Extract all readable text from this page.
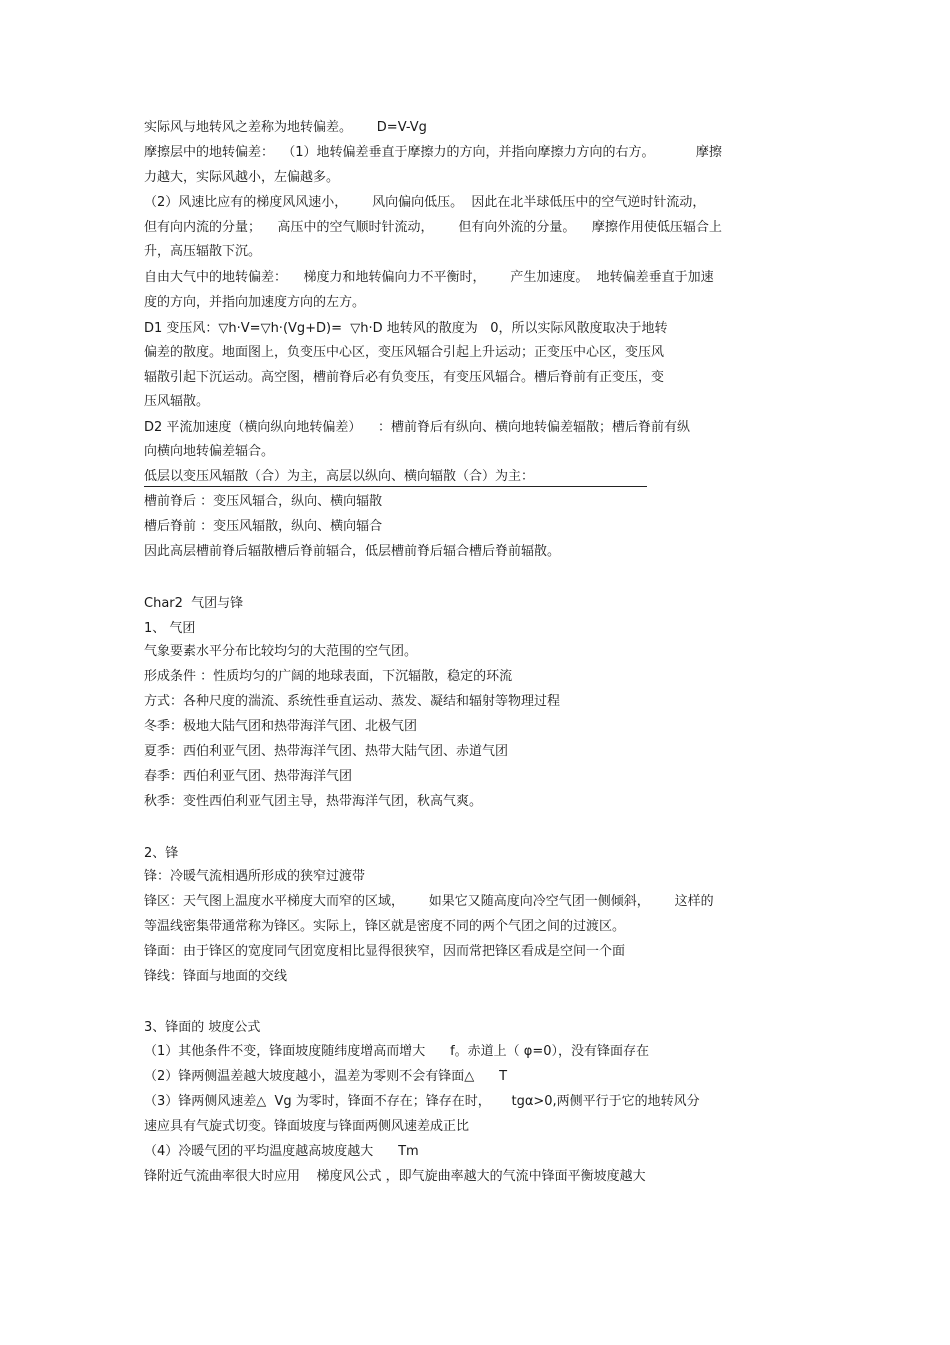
实际风与地转风之差称为地转偏差。      D=V-Vg
摩擦层中的地转偏差：  （1）地转偏差垂直于摩擦力的方向，并指向摩擦力方向的右方。          摩擦
力越大，实际风越小，左偏越多。
（2）风速比应有的梯度风风速小，      风向偏向低压。  因此在北半球低压中的空气逆时针流动，
但有向内流的分量；    高压中的空气顺时针流动，      但有向外流的分量。    摩擦作用使低压辐合上
升，高压辐散下沉。
自由大气中的地转偏差：    梯度力和地转偏向力不平衡时，      产生加速度。  地转偏差垂直于加速
度的方向，并指向加速度方向的左方。
D1 变压风：▽h·V=▽h·(Vg+D)=  ▽h·D 地转风的散度为   0，所以实际风散度取决于地转
偏差的散度。地面图上，负变压中心区，变压风辐合引起上升运动；正变压中心区，变压风
辐散引起下沉运动。高空图，槽前脊后必有负变压，有变压风辐合。槽后脊前有正变压，变
压风辐散。
D2 平流加速度（横向纵向地转偏差）    ：槽前脊后有纵向、横向地转偏差辐散；槽后脊前有纵
向横向地转偏差辐合。
低层以变压风辐散（合）为主，高层以纵向、横向辐散（合）为主：
槽前脊后 ：变压风辐合，纵向、横向辐散
槽后脊前 ：变压风辐散，纵向、横向辐合
因此高层槽前脊后辐散槽后脊前辐合，低层槽前脊后辐合槽后脊前辐散。
Char2  气团与锋
1、 气团
气象要素水平分布比较均匀的大范围的空气团。
形成条件 ：性质均匀的广阔的地球表面，下沉辐散，稳定的环流
方式：各种尺度的湍流、系统性垂直运动、蒸发、凝结和辐射等物理过程
冬季：极地大陆气团和热带海洋气团、北极气团
夏季：西伯利亚气团、热带海洋气团、热带大陆气团、赤道气团
春季：西伯利亚气团、热带海洋气团
秋季：变性西伯利亚气团主导，热带海洋气团，秋高气爽。
2、锋
锋：冷暖气流相遇所形成的狭窄过渡带
锋区：天气图上温度水平梯度大而窄的区域，      如果它又随高度向冷空气团一侧倾斜，      这样的
等温线密集带通常称为锋区。实际上，锋区就是密度不同的两个气团之间的过渡区。
锋面：由于锋区的宽度同气团宽度相比显得很狭窄，因而常把锋区看成是空间一个面
锋线：锋面与地面的交线
3、锋面的 坡度公式
（1）其他条件不变，锋面坡度随纬度增高而增大      f。赤道上（ φ=0），没有锋面存在
（2）锋两侧温差越大坡度越小，温差为零则不会有锋面△      T
（3）锋两侧风速差△  Vg 为零时，锋面不存在；锋存在时，     tgα>0,两侧平行于它的地转风分
速应具有气旋式切变。锋面坡度与锋面两侧风速差成正比
（4）冷暖气团的平均温度越高坡度越大      Tm
锋附近气流曲率很大时应用    梯度风公式 ，即气旋曲率越大的气流中锋面平衡坡度越大
